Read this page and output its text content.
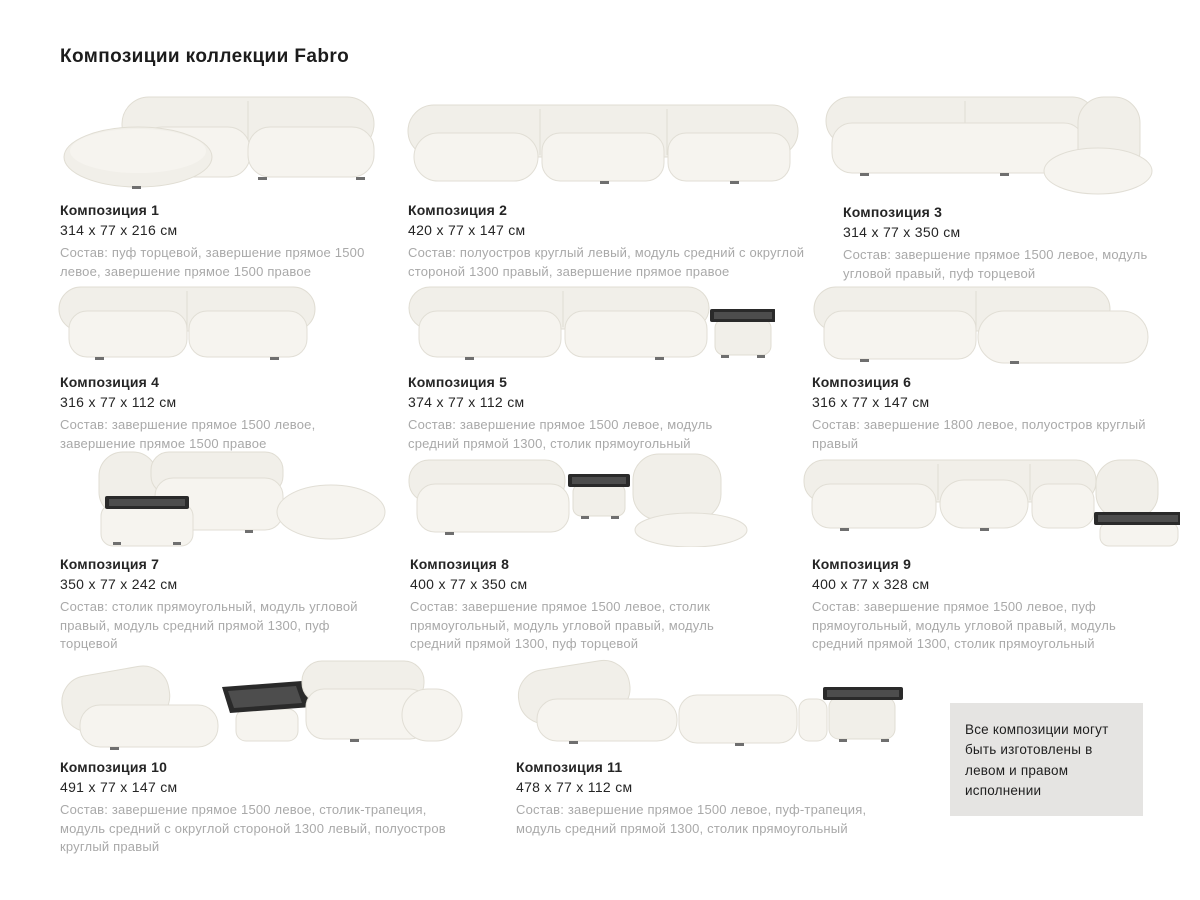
Композиции коллекции Fabro
Композиция 1
314 х 77 х 216 см
Состав: пуф торцевой, завершение прямое 1500 левое, завершение прямое 1500 правое
Композиция 2
420 х 77 х 147 см
Состав: полуостров круглый левый, модуль средний с округлой стороной 1300 правый, завершение прямое правое
Композиция 3
314 х 77 х 350 см
Состав: завершение прямое 1500 левое, модуль угловой правый, пуф торцевой
Композиция 4
316 х 77 х 112 см
Состав: завершение прямое 1500 левое, завершение прямое 1500 правое
Композиция 5
374 х 77 х 112 см
Состав: завершение прямое 1500 левое, модуль средний прямой 1300, столик прямоугольный
Композиция 6
316 х 77 х 147 см
Состав: завершение 1800 левое, полуостров круглый правый
Композиция 7
350 х 77 х 242 см
Состав: столик прямоугольный, модуль угловой правый, модуль средний прямой 1300, пуф торцевой
Композиция 8
400 х 77 х 350 см
Состав: завершение прямое 1500 левое, столик прямоугольный, модуль угловой правый, модуль средний прямой 1300, пуф торцевой
Композиция 9
400 х 77 х 328 см
Состав: завершение прямое 1500 левое, пуф прямоугольный, модуль угловой правый, модуль средний прямой 1300, столик прямоугольный
Композиция 10
491 х 77 х 147 см
Состав: завершение прямое 1500 левое, столик-трапеция, модуль средний с округлой стороной 1300 левый, полуостров круглый правый
Композиция 11
478 х 77 х 112 см
Состав: завершение прямое 1500 левое, пуф-трапеция, модуль средний прямой 1300, столик прямоугольный
Все композиции могут быть изготовлены в левом и правом исполнении
